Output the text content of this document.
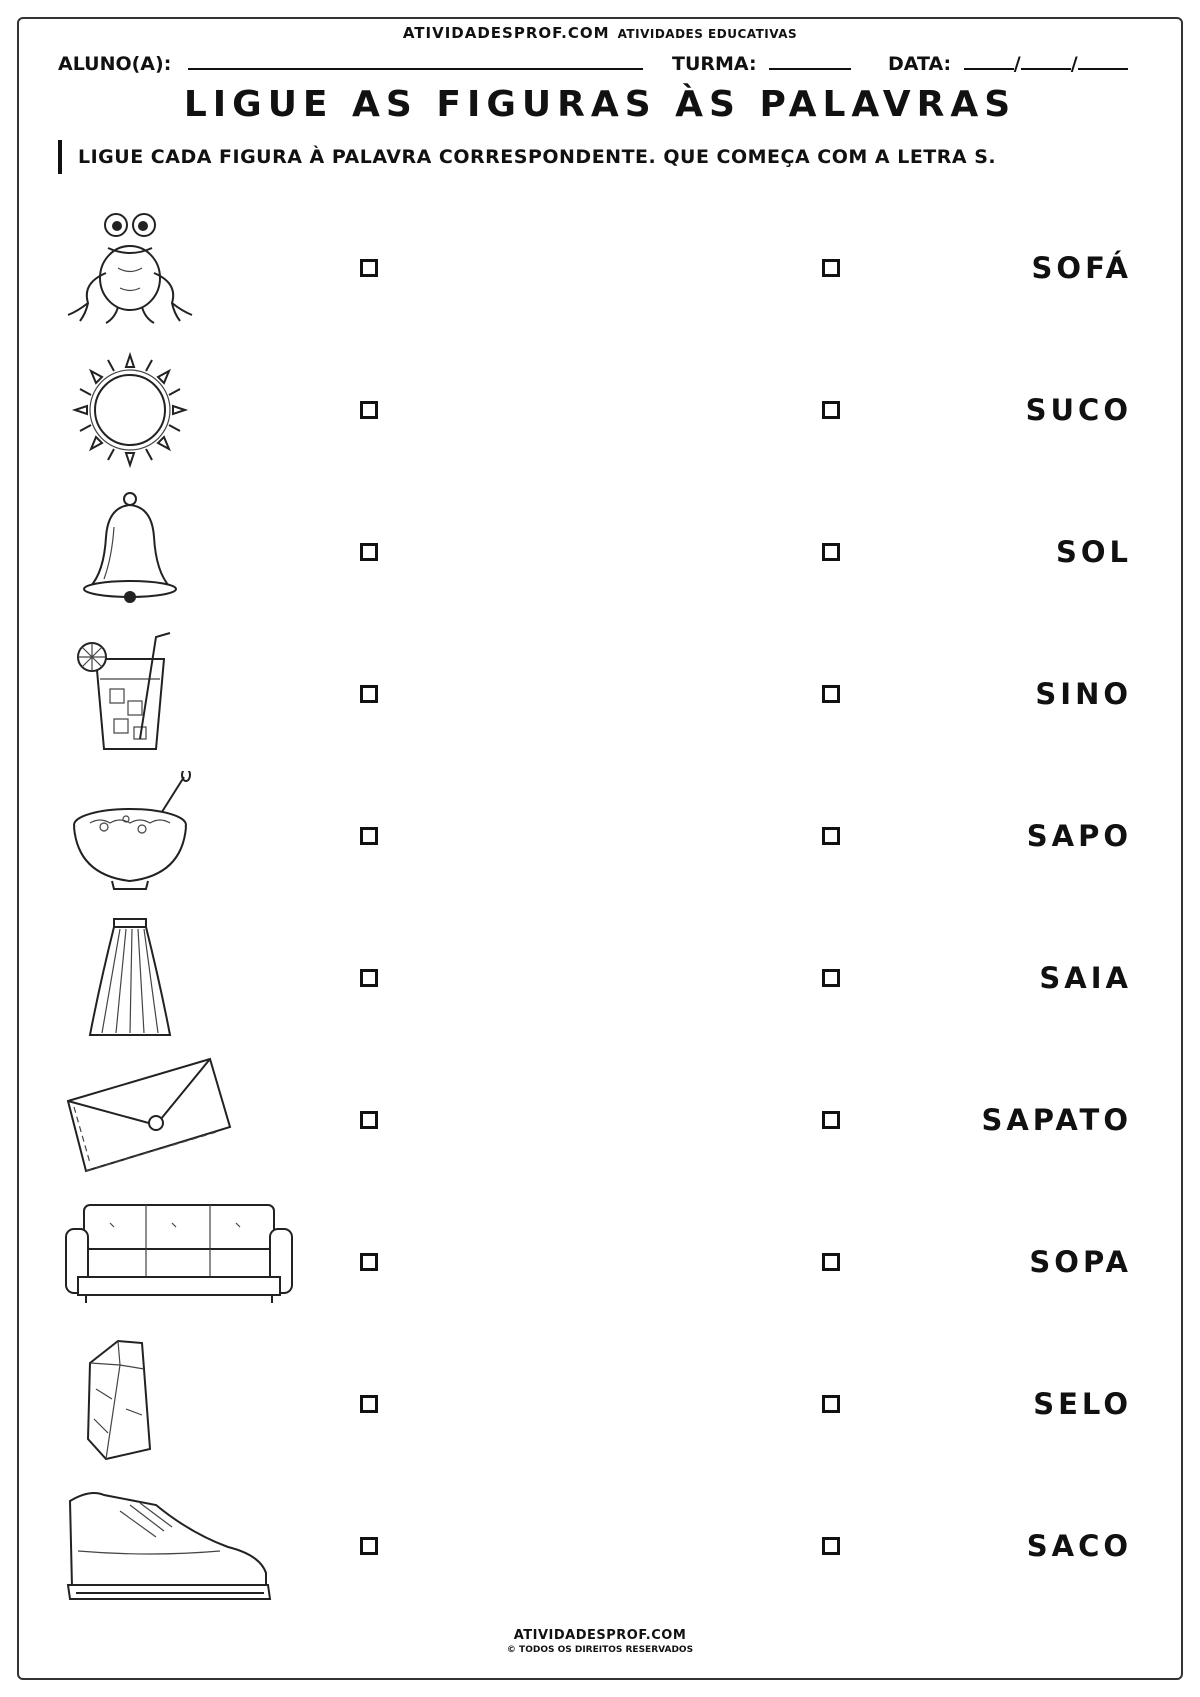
ATIVIDADESPROF.COM ATIVIDADES EDUCATIVAS
ALUNO(A):	TURMA:	DATA:	/	/
LIGUE AS FIGURAS ÀS PALAVRAS
LIGUE CADA FIGURA À PALAVRA CORRESPONDENTE. QUE COMEÇA COM A LETRA S.
SOFÁ
SUCO
SOL
SINO
SAPO
SAIA
SAPATO
SOPA
SELO
SACO
ATIVIDADESPROF.COM
© TODOS OS DIREITOS RESERVADOS
